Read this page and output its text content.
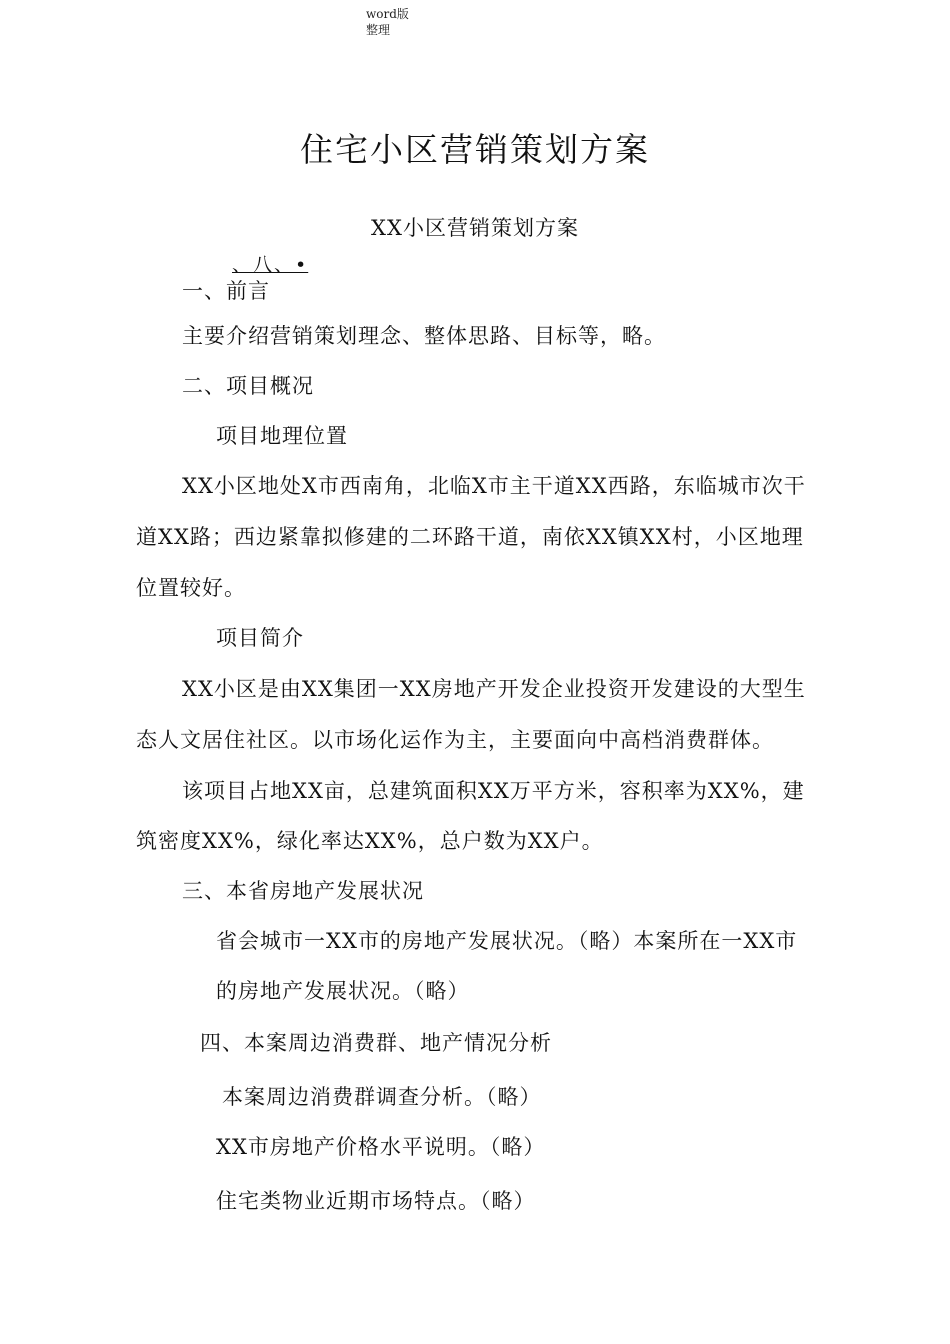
word版
整理
住宅小区营销策划方案
XX小区营销策划方案
、八、•
一、前言
主要介绍营销策划理念、整体思路、目标等，略。
二、项目概况
项目地理位置
XX小区地处X市西南角，北临X市主干道XX西路，东临城市次干
道XX路；西边紧靠拟修建的二环路干道，南依XX镇XX村，小区地理
位置较好。
项目简介
XX小区是由XX集团一XX房地产开发企业投资开发建设的大型生
态人文居住社区。以市场化运作为主，主要面向中高档消费群体。
该项目占地XX亩，总建筑面积XX万平方米，容积率为XX%，建
筑密度XX%，绿化率达XX%，总户数为XX户。
三、本省房地产发展状况
省会城市一XX市的房地产发展状况。（略）本案所在一XX市
的房地产发展状况。（略）
四、本案周边消费群、地产情况分析
本案周边消费群调查分析。（略）
XX市房地产价格水平说明。（略）
住宅类物业近期市场特点。（略）
